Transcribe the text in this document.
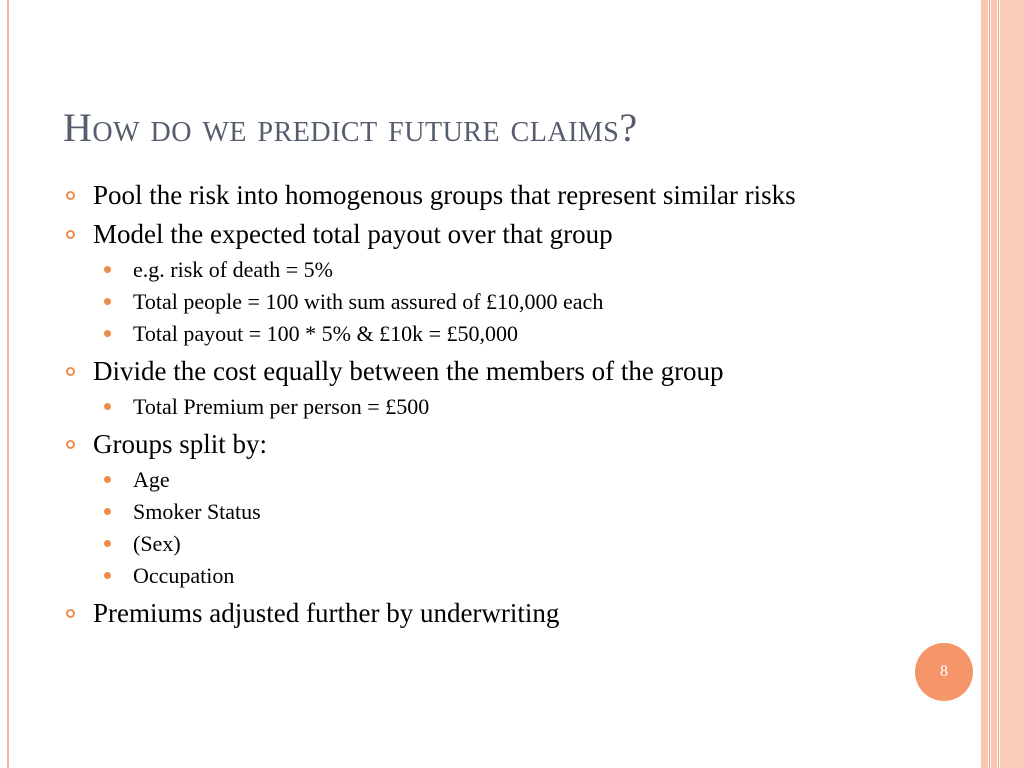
How do we predict future claims?
Pool the risk into homogenous groups that represent similar risks
Model the expected total payout over that group
e.g. risk of death = 5%
Total people = 100 with sum assured of £10,000 each
Total payout = 100 * 5% & £10k = £50,000
Divide the cost equally between the members of the group
Total Premium per person = £500
Groups split by:
Age
Smoker Status
(Sex)
Occupation
Premiums adjusted further by underwriting
8
